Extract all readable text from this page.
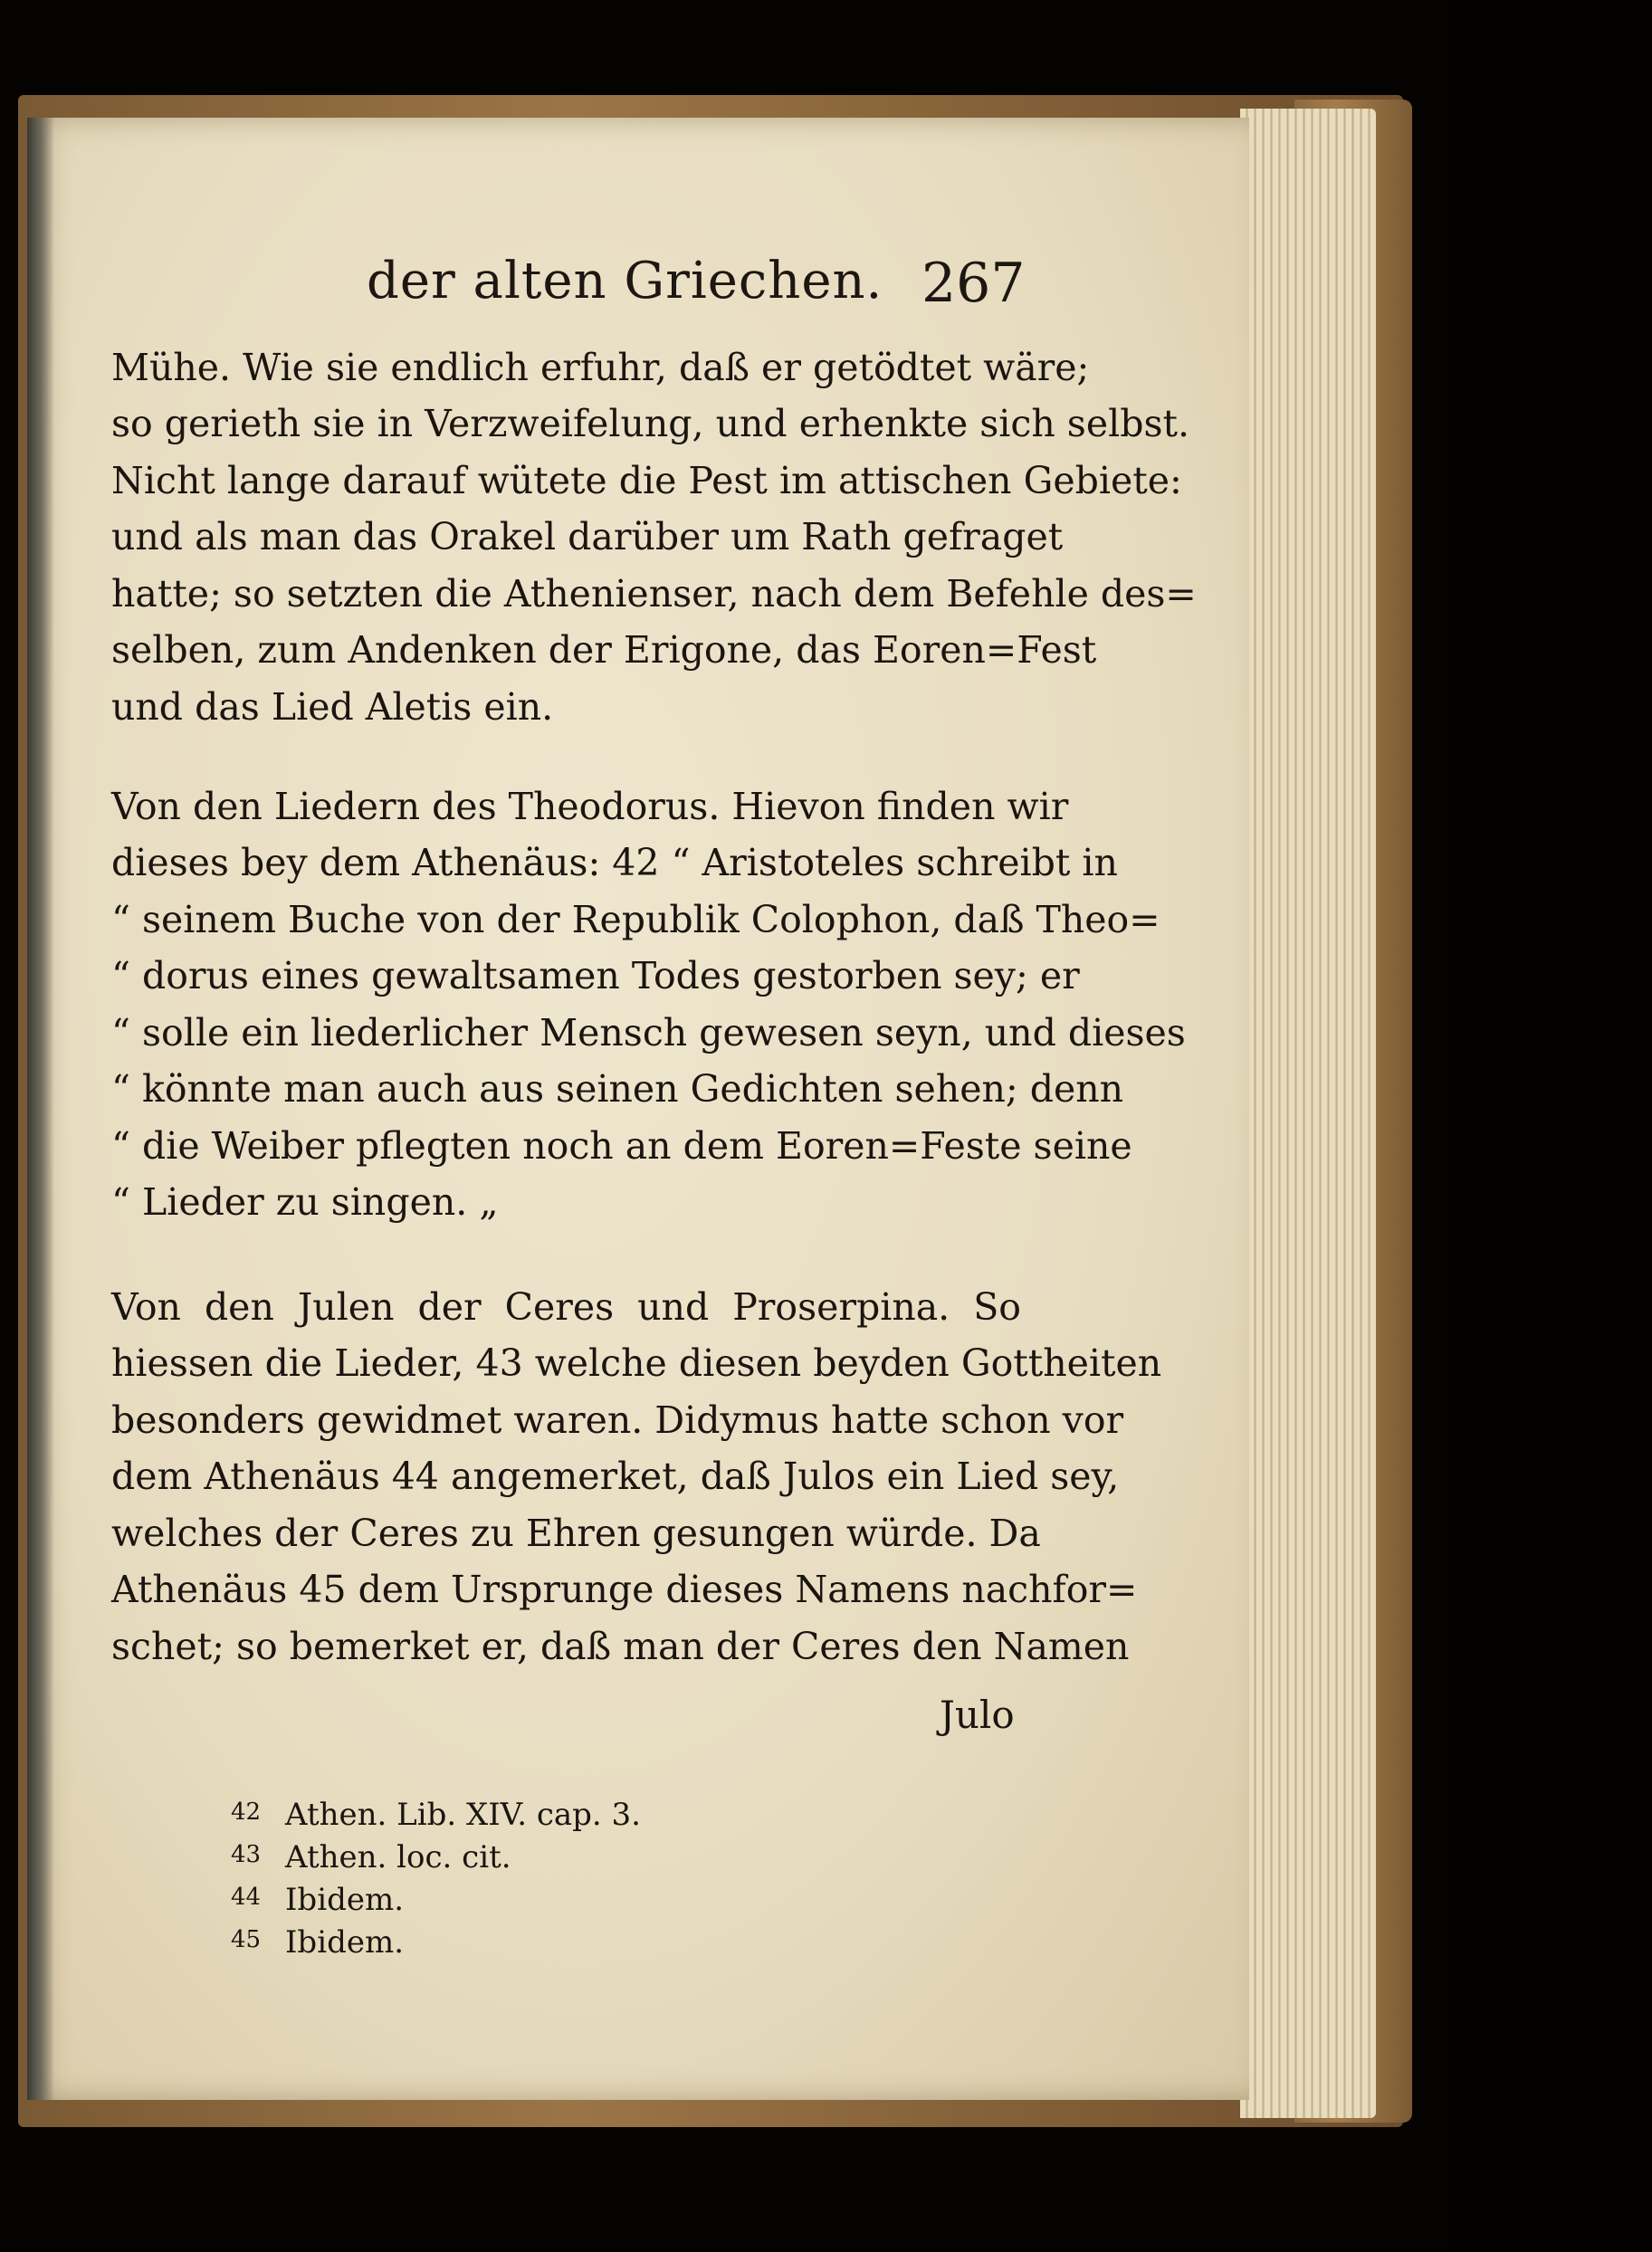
der alten Griechen. 267
Mühe. Wie sie endlich erfuhr, daß er getödtet wäre;
so gerieth sie in Verzweifelung, und erhenkte sich selbst.
Nicht lange darauf wütete die Pest im attischen Gebiete:
und als man das Orakel darüber um Rath gefraget
hatte; so setzten die Athenienser, nach dem Befehle des=
selben, zum Andenken der Erigone, das Eoren=Fest
und das Lied Aletis ein.
Von den Liedern des Theodorus. Hievon finden wir
dieses bey dem Athenäus: 42 “ Aristoteles schreibt in
“ seinem Buche von der Republik Colophon, daß Theo=
“ dorus eines gewaltsamen Todes gestorben sey; er
“ solle ein liederlicher Mensch gewesen seyn, und dieses
“ könnte man auch aus seinen Gedichten sehen; denn
“ die Weiber pflegten noch an dem Eoren=Feste seine
“ Lieder zu singen. „
Von den Julen der Ceres und Proserpina. So
hiessen die Lieder, 43 welche diesen beyden Gottheiten
besonders gewidmet waren. Didymus hatte schon vor
dem Athenäus 44 angemerket, daß Julos ein Lied sey,
welches der Ceres zu Ehren gesungen würde. Da
Athenäus 45 dem Ursprunge dieses Namens nachfor=
schet; so bemerket er, daß man der Ceres den Namen
Julo
42 Athen. Lib. XIV. cap. 3.
43 Athen. loc. cit.
44 Ibidem.
45 Ibidem.
